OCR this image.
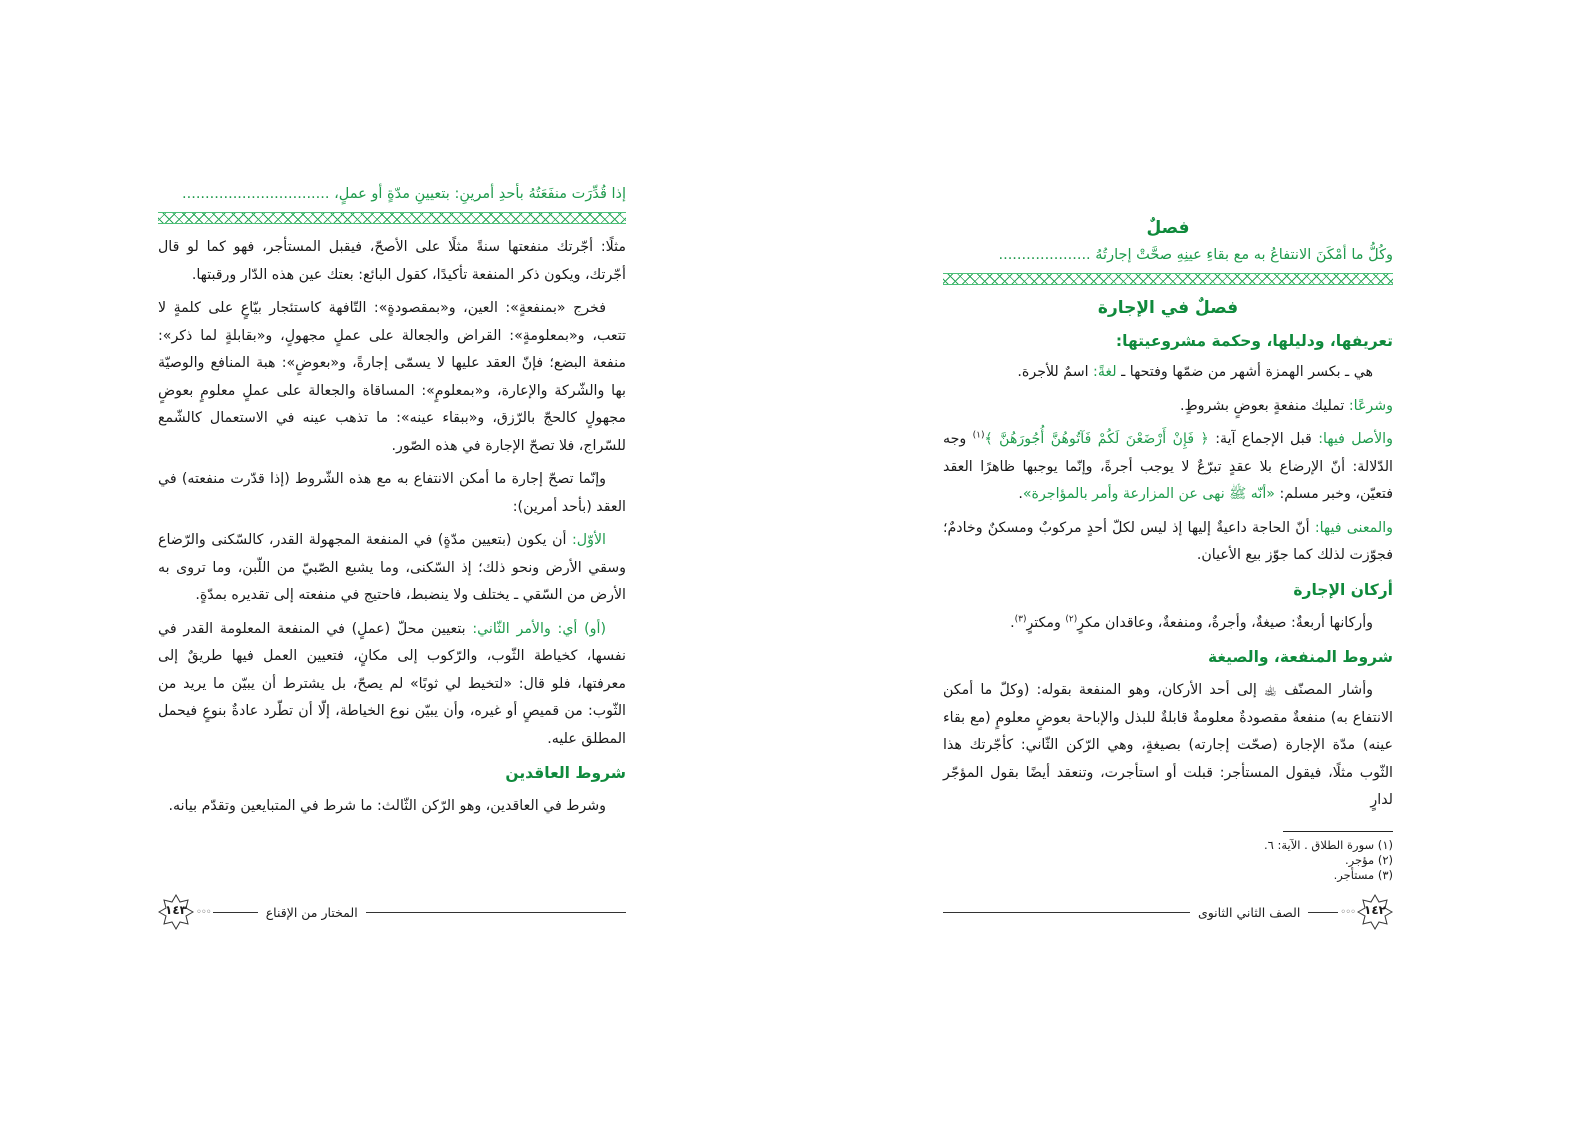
إذا قُدِّرَت منفَعَتُهُ بأحدِ أمرينِ: بتعيينِ مدّةٍ أو عملٍ، ................................

مثلًا: أجّرتك منفعتها سنةً مثلًا على الأصحّ، فيقبل المستأجر، فهو كما لو قال أجّرتك، ويكون ذكر المنفعة تأكيدًا، كقول البائع: بعتك عين هذه الدّار ورقبتها.

فخرج «بمنفعةٍ»: العين، و«بمقصودةٍ»: التّافهة كاستئجار بيّاعٍ على كلمةٍ لا تتعب، و«بمعلومةٍ»: القراض والجعالة على عملٍ مجهولٍ، و«بقابلةٍ لما ذكر»: منفعة البضع؛ فإنّ العقد عليها لا يسمّى إجارةً، و«بعوضٍ»: هبة المنافع والوصيّة بها والشّركة والإعارة، و«بمعلومٍ»: المساقاة والجعالة على عملٍ معلومٍ بعوضٍ مجهولٍ كالحجّ بالرّزق، و«ببقاء عينه»: ما تذهب عينه في الاستعمال كالشّمع للسّراج، فلا تصحّ الإجارة في هذه الصّور.

وإنّما تصحّ إجارة ما أمكن الانتفاع به مع هذه الشّروط (إذا قدّرت منفعته) في العقد (بأحد أمرين):

الأوّل: أن يكون (بتعيين مدّةٍ) في المنفعة المجهولة القدر، كالسّكنى والرّضاع وسقي الأرض ونحو ذلك؛ إذ السّكنى، وما يشبع الصّبيّ من اللّبن، وما تروى به الأرض من السّقي ـ يختلف ولا ينضبط، فاحتيج في منفعته إلى تقديره بمدّةٍ.

(أو) أي: والأمر الثّاني: بتعيين محلّ (عملٍ) في المنفعة المعلومة القدر في نفسها، كخياطة الثّوب، والرّكوب إلى مكانٍ، فتعيين العمل فيها طريقٌ إلى معرفتها، فلو قال: «لتخيط لي ثوبًا» لم يصحّ، بل يشترط أن يبيّن ما يريد من الثّوب: من قميصٍ أو غيره، وأن يبيّن نوع الخياطة، إلّا أن تطّرد عادةٌ بنوعٍ فيحمل المطلق عليه.

شروط العاقدين

وشرط في العاقدين، وهو الرّكن الثّالث: ما شرط في المتبايعين وتقدّم بيانه.

المختار من الإقناع
◦◦◦
١٤٣
فصلٌ
وكُلُّ ما أمْكَنَ الانتفاعُ به مع بقاءِ عينِهِ صحَّتْ إجارتُهُ ....................
فصلٌ في الإجارة
تعريفها، ودليلها، وحكمة مشروعيتها:

هي ـ بكسر الهمزة أشهر من ضمّها وفتحها ـ لغةً: اسمٌ للأجرة.

وشرعًا: تمليك منفعةٍ بعوضٍ بشروطٍ.

والأصل فيها: قبل الإجماع آية: ﴿ فَإِنْ أَرْضَعْنَ لَكُمْ فَآتُوهُنَّ أُجُورَهُنَّ ﴾$^{(١)}$ وجه الدّلالة: أنّ الإرضاع بلا عقدٍ تبرّعٌ لا يوجب أجرةً، وإنّما يوجبها ظاهرًا العقد فتعيّن، وخبر مسلم: «أنّه ﷺ نهى عن المزارعة وأمر بالمؤاجرة».

والمعنى فيها: أنّ الحاجة داعيةٌ إليها إذ ليس لكلّ أحدٍ مركوبٌ ومسكنٌ وخادمٌ؛ فجوّزت لذلك كما جوّز بيع الأعيان.

أركان الإجارة

وأركانها أربعةٌ: صيغةٌ، وأجرةٌ، ومنفعةٌ، وعاقدان مكرٍ$^{(٢)}$ ومكترٍ$^{(٣)}$.

شروط المنفعة، والصيغة

وأشار المصنّف ﵀ إلى أحد الأركان، وهو المنفعة بقوله: (وكلّ ما أمكن الانتفاع به) منفعةٌ مقصودةٌ معلومةٌ قابلةٌ للبذل والإباحة بعوضٍ معلومٍ (مع بقاء عينه) مدّة الإجارة (صحّت إجارته) بصيغةٍ، وهي الرّكن الثّاني: كأجّرتك هذا الثّوب مثلًا، فيقول المستأجر: قبلت أو استأجرت، وتنعقد أيضًا بقول المؤجّر لدارٍ

(١) سورة الطلاق . الآية: ٦.

(٢) مؤجر.

(٣) مستأجر.

١٤٢
◦◦◦
الصف الثاني الثانوى
